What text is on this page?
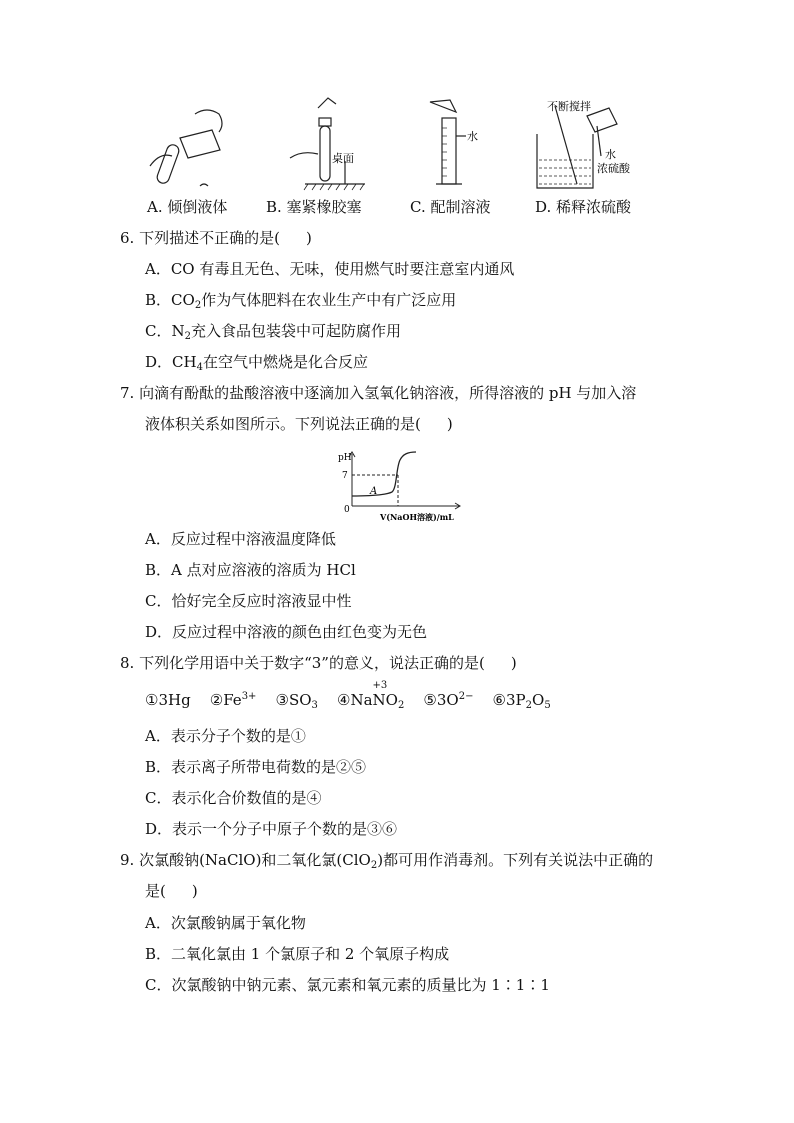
A. 倾倒液体
桌面
B. 塞紧橡胶塞
水
C. 配制溶液
不断搅拌
水
浓硫酸
D. 稀释浓硫酸
6. 下列描述不正确的是( )
A．CO 有毒且无色、无味，使用燃气时要注意室内通风
B．$CO_2$作为气体肥料在农业生产中有广泛应用
C．$N_2$充入食品包装袋中可起防腐作用
D．$CH_4$在空气中燃烧是化合反应
7. 向滴有酚酞的盐酸溶液中逐滴加入氢氧化钠溶液，所得溶液的 pH 与加入溶
液体积关系如图所示。下列说法正确的是( )
pH
7
0
A
V(NaOH溶液)/mL
A．反应过程中溶液温度降低
B．A 点对应溶液的溶质为 HCl
C．恰好完全反应时溶液显中性
D．反应过程中溶液的颜色由红色变为无色
8. 下列化学用语中关于数字“3”的意义，说法正确的是( )
①3Hg $②Fe^{3+}$ $③SO_3$ ④Na
+3
$NO_2$ $⑤3O^{2-}$ $⑥3P_2O_5$
A．表示分子个数的是①
B．表示离子所带电荷数的是②⑤
C．表示化合价数值的是④
D．表示一个分子中原子个数的是③⑥
9. 次氯酸钠(NaClO)和二氧化氯(ClO$_2$)都可用作消毒剂。下列有关说法中正确的
是( )
A．次氯酸钠属于氧化物
B．二氧化氯由 1 个氯原子和 2 个氧原子构成
C．次氯酸钠中钠元素、氯元素和氧元素的质量比为 1∶1∶1
